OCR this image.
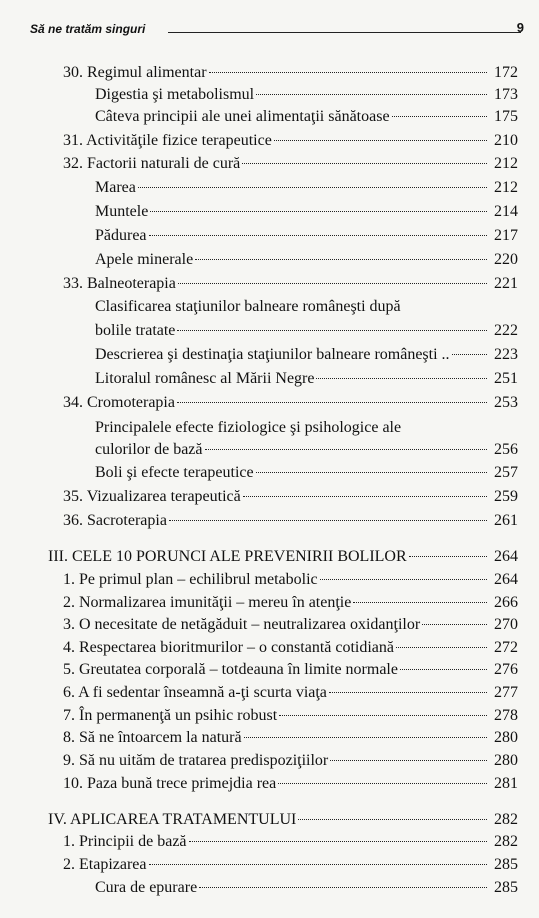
Să ne tratăm singuri	9
30. Regimul alimentar	172
Digestia şi metabolismul	173
Câteva principii ale unei alimentaţii sănătoase	175
31. Activităţile fizice terapeutice	210
32. Factorii naturali de cură	212
Marea	212
Muntele	214
Pădurea	217
Apele minerale	220
33. Balneoterapia	221
Clasificarea staţiunilor balneare româneşti după
bolile tratate	222
Descrierea şi destinaţia staţiunilor balneare româneşti ..	223
Litoralul românesc al Mării Negre	251
34. Cromoterapia	253
Principalele efecte fiziologice şi psihologice ale
culorilor de bază	256
Boli şi efecte terapeutice	257
35. Vizualizarea terapeutică	259
36. Sacroterapia	261
III. CELE 10 PORUNCI ALE PREVENIRII BOLILOR	264
1. Pe primul plan – echilibrul metabolic	264
2. Normalizarea imunităţii – mereu în atenţie	266
3. O necesitate de netăgăduit – neutralizarea oxidanţilor	270
4. Respectarea bioritmurilor – o constantă cotidiană	272
5. Greutatea corporală – totdeauna în limite normale	276
6. A fi sedentar înseamnă a-ţi scurta viaţa	277
7. În permanenţă un psihic robust	278
8. Să ne întoarcem la natură	280
9. Să nu uităm de tratarea predispoziţiilor	280
10. Paza bună trece primejdia rea	281
IV. APLICAREA TRATAMENTULUI	282
1. Principii de bază	282
2. Etapizarea	285
Cura de epurare	285
